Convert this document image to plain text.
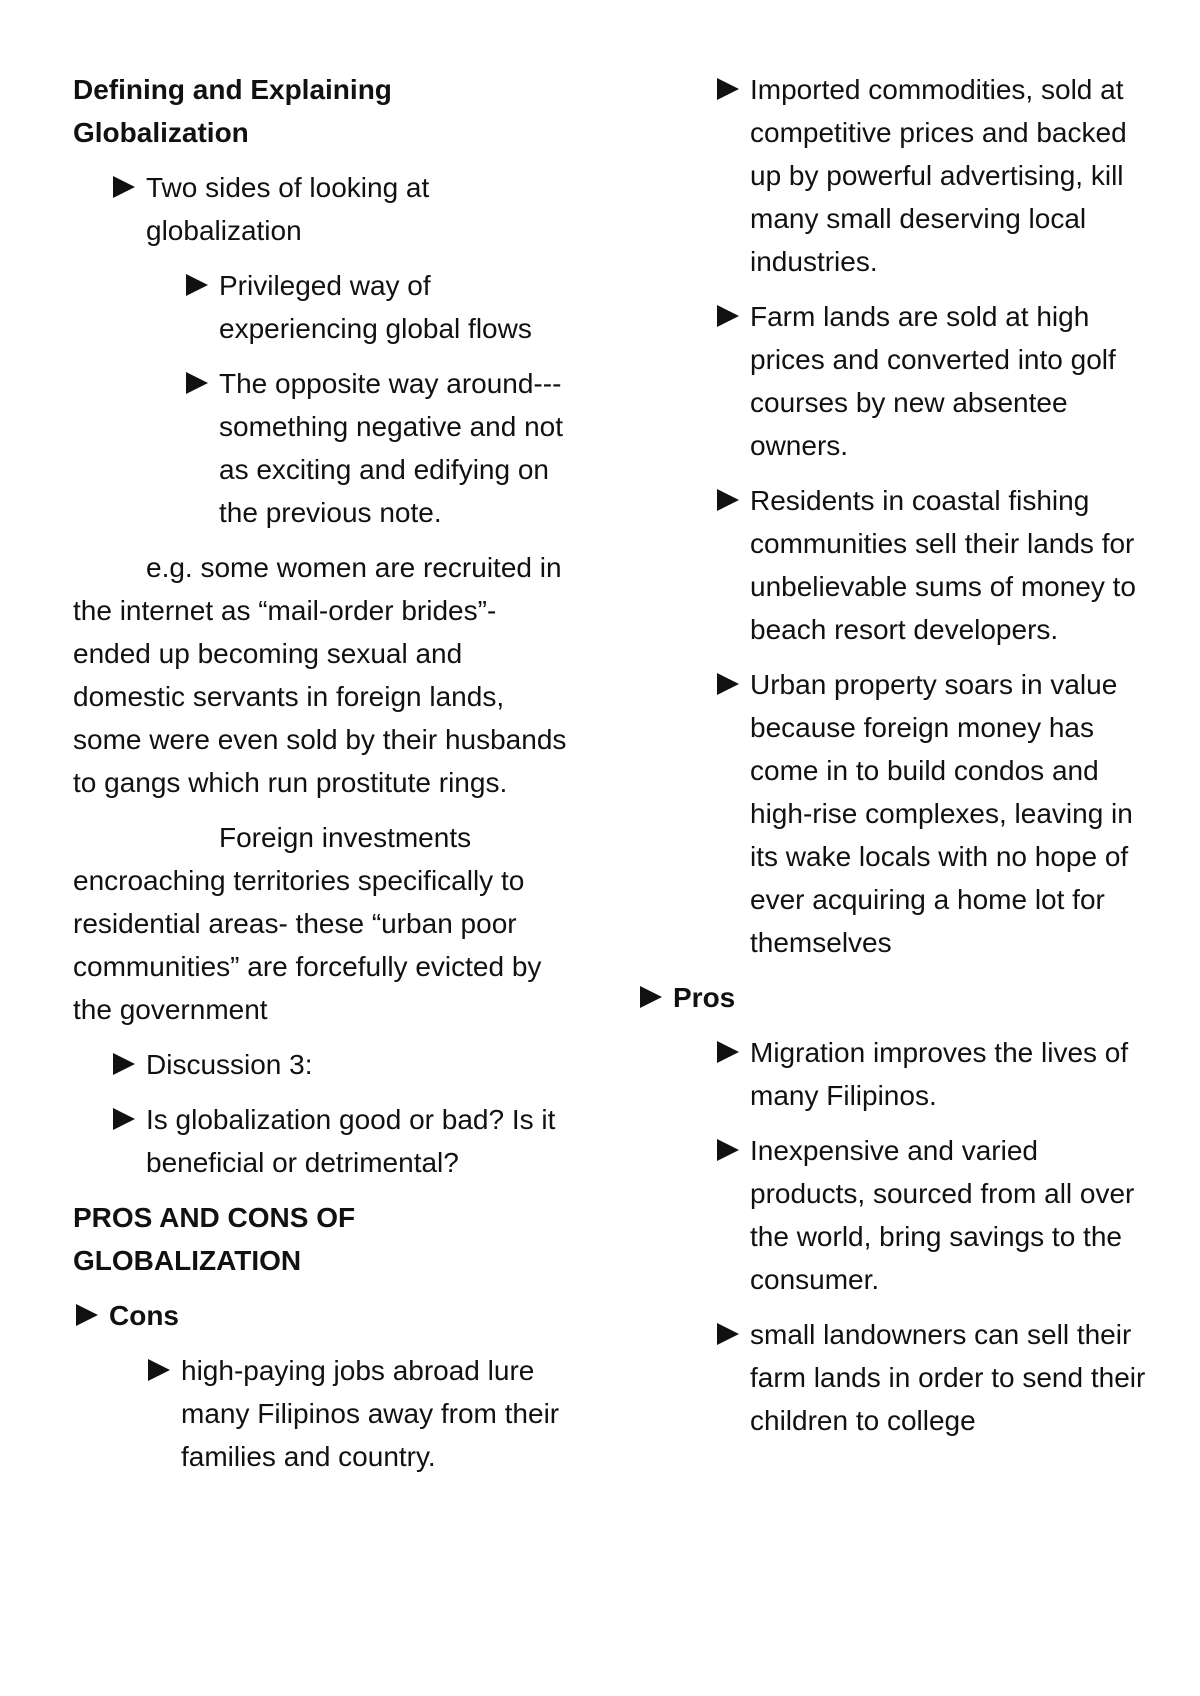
Defining and Explaining Globalization
Two sides of looking at globalization
Privileged way of experiencing global flows
The opposite way around--- something negative and not as exciting and edifying on the previous note.

e.g. some women are recruited in the internet as “mail-order brides”- ended up becoming sexual and domestic servants in foreign lands, some were even sold by their husbands to gangs which run prostitute rings.

Foreign investments encroaching territories specifically to residential areas- these “urban poor communities” are forcefully evicted by the government

Discussion 3:
Is globalization good or bad? Is it beneficial or detrimental?
PROS AND CONS OF GLOBALIZATION
Cons
high-paying jobs abroad lure many Filipinos away from their families and country.
Imported commodities, sold at competitive prices and backed up by powerful advertising, kill many small deserving local industries.
Farm lands are sold at high prices and converted into golf courses by new absentee owners.
Residents in coastal fishing communities sell their lands for unbelievable sums of money to beach resort developers.
Urban property soars in value because foreign money has come in to build condos and high-rise complexes, leaving in its wake locals with no hope of ever acquiring a home lot for themselves
Pros
Migration improves the lives of many Filipinos.
Inexpensive and varied products, sourced from all over the world, bring savings to the consumer.
small landowners can sell their farm lands in order to send their children to college
